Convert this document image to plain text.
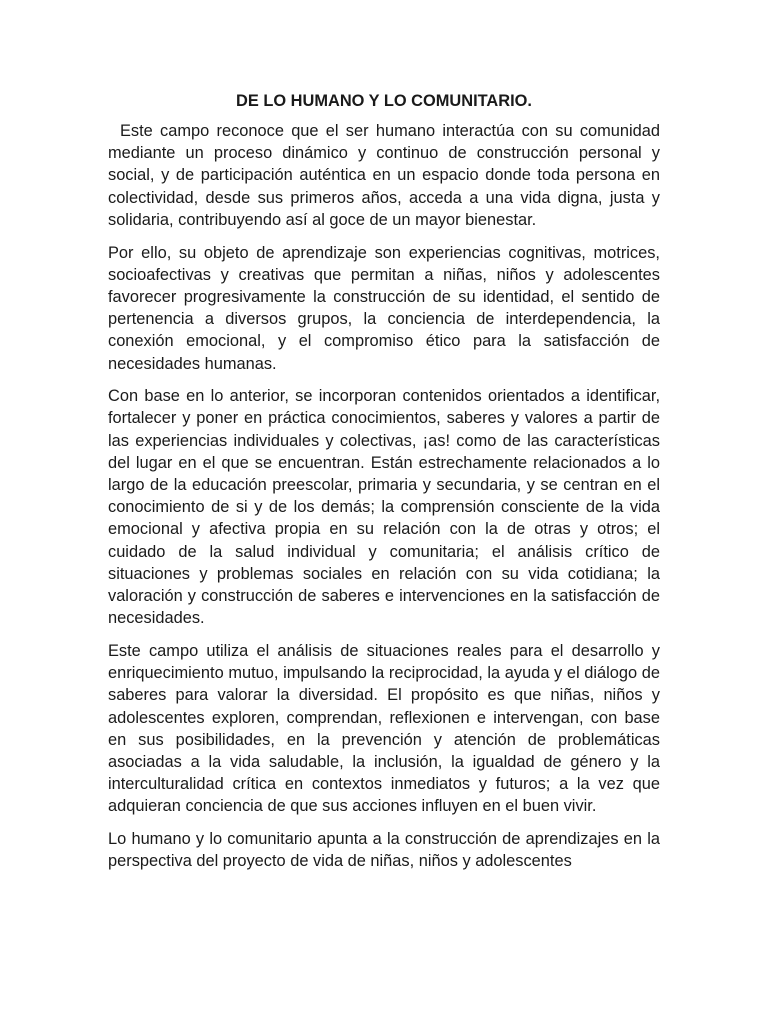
DE LO HUMANO Y LO COMUNITARIO.

Este campo reconoce que el ser humano interactúa con su comunidad mediante un proceso dinámico y continuo de construcción personal y social, y de participación auténtica en un espacio donde toda persona en colectividad, desde sus primeros años, acceda a una vida digna, justa y solidaria, contribuyendo así al goce de un mayor bienestar.

Por ello, su objeto de aprendizaje son experiencias cognitivas, motrices, socioafectivas y creativas que permitan a niñas, niños y adolescentes favorecer progresivamente la construcción de su identidad, el sentido de pertenencia a diversos grupos, la conciencia de interdependencia, la conexión emocional, y el compromiso ético para la satisfacción de necesidades humanas.

Con base en lo anterior, se incorporan contenidos orientados a identificar, fortalecer y poner en práctica conocimientos, saberes y valores a partir de las experiencias individuales y colectivas, ¡as! como de las características del lugar en el que se encuentran. Están estrechamente relacionados a lo largo de la educación preescolar, primaria y secundaria, y se centran en el conocimiento de si y de los demás; la comprensión consciente de la vida emocional y afectiva propia en su relación con la de otras y otros; el cuidado de la salud individual y comunitaria; el análisis crítico de situaciones y problemas sociales en relación con su vida cotidiana; la valoración y construcción de saberes e intervenciones en la satisfacción de necesidades.

Este campo utiliza el análisis de situaciones reales para el desarrollo y enriquecimiento mutuo, impulsando la reciprocidad, la ayuda y el diálogo de saberes para valorar la diversidad. El propósito es que niñas, niños y adolescentes exploren, comprendan, reflexionen e intervengan, con base en sus posibilidades, en la prevención y atención de problemáticas asociadas a la vida saludable, la inclusión, la igualdad de género y la interculturalidad crítica en contextos inmediatos y futuros; a la vez que adquieran conciencia de que sus acciones influyen en el buen vivir.

Lo humano y lo comunitario apunta a la construcción de aprendizajes en la perspectiva del proyecto de vida de niñas, niños y adolescentes
